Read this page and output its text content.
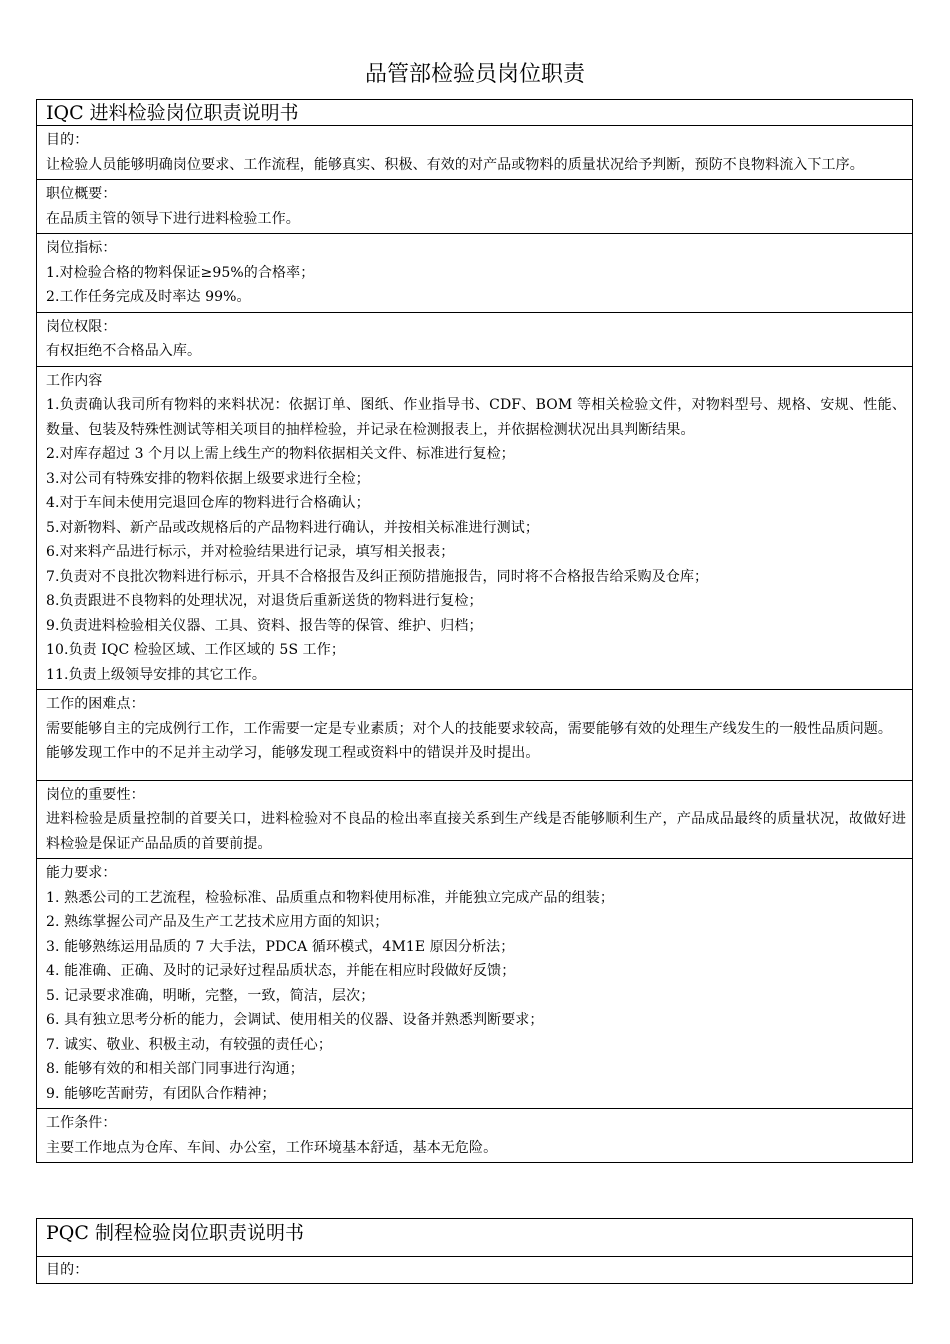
品管部检验员岗位职责
IQC 进料检验岗位职责说明书
目的：
让检验人员能够明确岗位要求、工作流程，能够真实、积极、有效的对产品或物料的质量状况给予判断，预防不良物料流入下工序。
职位概要：
在品质主管的领导下进行进料检验工作。
岗位指标：
1.对检验合格的物料保证≥95%的合格率；
2.工作任务完成及时率达 99%。
岗位权限：
有权拒绝不合格品入库。
工作内容
1.负责确认我司所有物料的来料状况：依据订单、图纸、作业指导书、CDF、BOM 等相关检验文件，对物料型号、规格、安规、性能、数量、包装及特殊性测试等相关项目的抽样检验，并记录在检测报表上，并依据检测状况出具判断结果。
2.对库存超过 3 个月以上需上线生产的物料依据相关文件、标准进行复检；
3.对公司有特殊安排的物料依据上级要求进行全检；
4.对于车间未使用完退回仓库的物料进行合格确认；
5.对新物料、新产品或改规格后的产品物料进行确认，并按相关标准进行测试；
6.对来料产品进行标示，并对检验结果进行记录，填写相关报表；
7.负责对不良批次物料进行标示，开具不合格报告及纠正预防措施报告，同时将不合格报告给采购及仓库；
8.负责跟进不良物料的处理状况，对退货后重新送货的物料进行复检；
9.负责进料检验相关仪器、工具、资料、报告等的保管、维护、归档；
10.负责 IQC 检验区域、工作区域的 5S 工作；
11.负责上级领导安排的其它工作。
工作的困难点：
需要能够自主的完成例行工作，工作需要一定是专业素质；对个人的技能要求较高，需要能够有效的处理生产线发生的一般性品质问题。
能够发现工作中的不足并主动学习，能够发现工程或资料中的错误并及时提出。
岗位的重要性：
进料检验是质量控制的首要关口，进料检验对不良品的检出率直接关系到生产线是否能够顺利生产，产品成品最终的质量状况，故做好进料检验是保证产品品质的首要前提。
能力要求：
1. 熟悉公司的工艺流程，检验标准、品质重点和物料使用标准，并能独立完成产品的组装；
2. 熟练掌握公司产品及生产工艺技术应用方面的知识；
3. 能够熟练运用品质的 7 大手法，PDCA 循环模式，4M1E 原因分析法；
4. 能准确、正确、及时的记录好过程品质状态，并能在相应时段做好反馈；
5. 记录要求准确，明晰，完整，一致，简洁，层次；
6. 具有独立思考分析的能力，会调试、使用相关的仪器、设备并熟悉判断要求；
7. 诚实、敬业、积极主动，有较强的责任心；
8. 能够有效的和相关部门同事进行沟通；
9. 能够吃苦耐劳，有团队合作精神；
工作条件：
主要工作地点为仓库、车间、办公室，工作环境基本舒适，基本无危险。
PQC 制程检验岗位职责说明书
目的：
